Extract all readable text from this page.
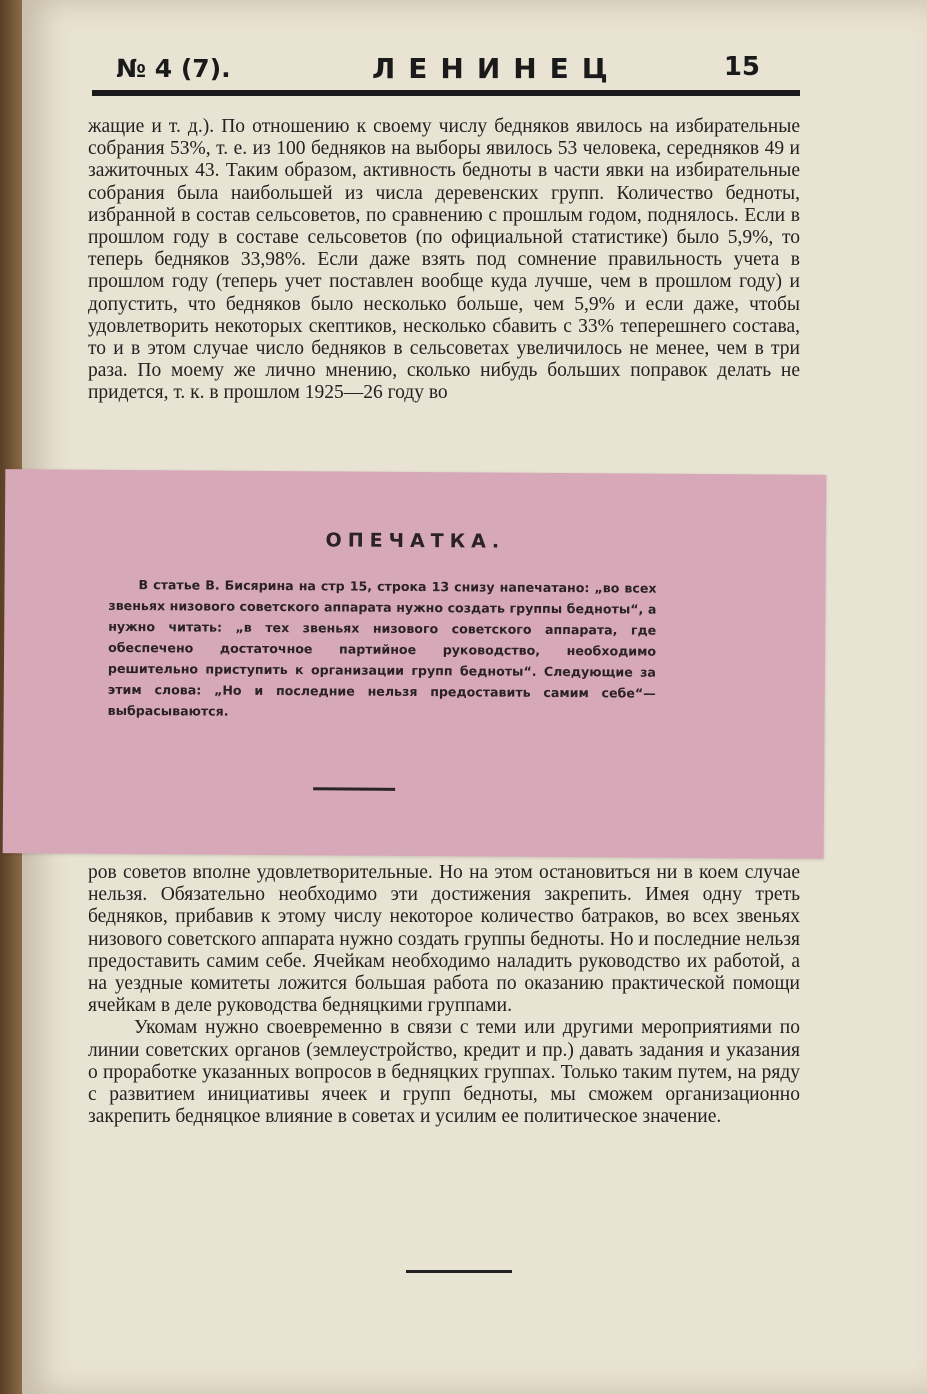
№ 4 (7).	ЛЕНИНЕЦ	15

жащие и т. д.). По отношению к своему числу бедняков явилось на избирательные собрания 53%, т. е. из 100 бедняков на выборы явилось 53 человека, середняков 49 и зажиточных 43. Таким образом, активность бедноты в части явки на избирательные собрания была наибольшей из числа деревенских групп. Количество бедноты, избранной в состав сельсоветов, по сравнению с прошлым годом, поднялось. Если в прошлом году в составе сельсоветов (по официальной статистике) было 5,9%, то теперь бедняков 33,98%. Если даже взять под сомнение правильность учета в прошлом году (теперь учет поставлен вообще куда лучше, чем в прошлом году) и допустить, что бедняков было несколько больше, чем 5,9% и если даже, чтобы удовлетворить некоторых скептиков, несколько сбавить с 33% теперешнего состава, то и в этом случае число бедняков в сельсоветах увеличилось не менее, чем в три раза. По моему же лично мнению, сколько нибудь больших поправок делать не придется, т. к. в прошлом 1925—26 году во

ОПЕЧАТКА.
В статье В. Бисярина на стр 15, строка 13 снизу напечатано: „во всех звеньях низового советского аппарата нужно создать группы бедноты“, а нужно читать: „в тех звеньях низового советского аппарата, где обеспечено достаточное партийное руководство, необходимо решительно приступить к организации групп бедноты“. Следующие за этим слова: „Но и последние нельзя предоставить самим себе“— выбрасываются.

ров советов вполне удовлетворительные. Но на этом остановиться ни в коем случае нельзя. Обязательно необходимо эти достижения закрепить. Имея одну треть бедняков, прибавив к этому числу некоторое количество батраков, во всех звеньях низового советского аппарата нужно создать группы бедноты. Но и последние нельзя предоставить самим себе. Ячейкам необходимо наладить руководство их работой, а на уездные комитеты ложится большая работа по оказанию практической помощи ячейкам в деле руководства бедняцкими группами.

Укомам нужно своевременно в связи с теми или другими мероприятиями по линии советских органов (землеустройство, кредит и пр.) давать задания и указания о проработке указанных вопросов в бедняцких группах. Только таким путем, на ряду с развитием инициативы ячеек и групп бедноты, мы сможем организационно закрепить бедняцкое влияние в советах и усилим ее политическое значение.
